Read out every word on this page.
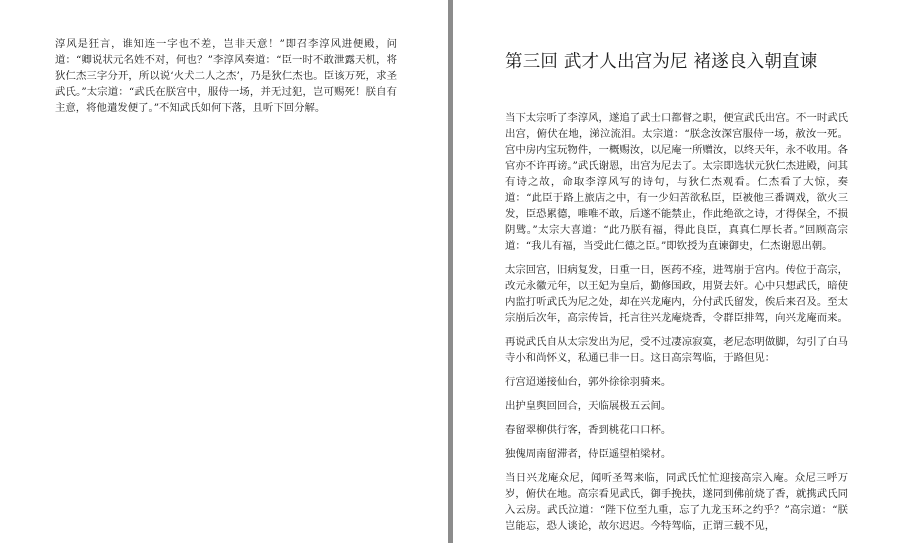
淳风是狂言，谁知连一字也不差，岂非天意！”即召李淳风进便殿，问道：“卿说状元名姓不对，何也？”李淳风奏道：“臣一时不敢泄露天机，将狄仁杰三字分开，所以说‘火犬二人之杰’，乃是狄仁杰也。臣该万死，求圣武氏。”太宗道：“武氏在朕宫中，服侍一场，并无过犯，岂可赐死！朕自有主意，将他遣发便了。”不知武氏如何下落，且听下回分解。

第三回 武才人出宫为尼 褚遂良入朝直谏

当下太宗听了李淳风，遂追了武士口都督之职，便宣武氏出宫。不一时武氏出宫，俯伏在地，涕泣流泪。太宗道：“朕念汝深宫服侍一场，赦汝一死。宫中房内宝玩物件，一概赐汝，以尼庵一所赠汝，以终天年，永不收用。各官亦不许再谤。”武氏谢恩，出宫为尼去了。太宗即选状元狄仁杰进殿，问其有诗之故，命取李淳风写的诗句，与狄仁杰观看。仁杰看了大惊，奏道：“此臣于路上旅店之中，有一少妇苦欲私臣，臣被他三番调戏，欲火三发，臣恐累德，唯唯不敢，后遂不能禁止，作此绝欲之诗，才得保全，不损阴骘。”太宗大喜道：“此乃朕有福，得此良臣，真真仁厚长者。”回顾高宗道：“我儿有福，当受此仁德之臣。”即钦授为直谏御史，仁杰谢恩出朝。

太宗回宫，旧病复发，日重一日，医药不痊，进驾崩于宫内。传位于高宗，改元永徽元年，以王妃为皇后，勤修国政，用贤去奸。心中只想武氏，暗使内监打听武氏为尼之处，却在兴龙庵内，分付武氏留发，俟后来召及。至太宗崩后次年，高宗传旨，托言往兴龙庵烧香，令群臣排驾，向兴龙庵而来。

再说武氏自从太宗发出为尼，受不过凄凉寂寞，老尼态明做脚，勾引了白马寺小和尚怀义，私通已非一日。这日高宗驾临，于路但见：

行宫迢递接仙台，郭外徐徐羽骑来。

出护皇舆回回合，天临展极五云间。

春留翠柳供行客，香到桃花口口杯。

独傀周南留滞者，侍臣遥望柏梁材。

当日兴龙庵众尼，闻听圣驾来临，同武氏忙忙迎接高宗入庵。众尼三呼万岁，俯伏在地。高宗看见武氏，御手挽扶，遂同到佛前烧了香，就携武氏同入云房。武氏泣道：“陛下位至九重，忘了九龙玉环之约乎？”高宗道：“朕岂能忘，恐人谈论，故尔迟迟。今特驾临，正谓三载不见，
